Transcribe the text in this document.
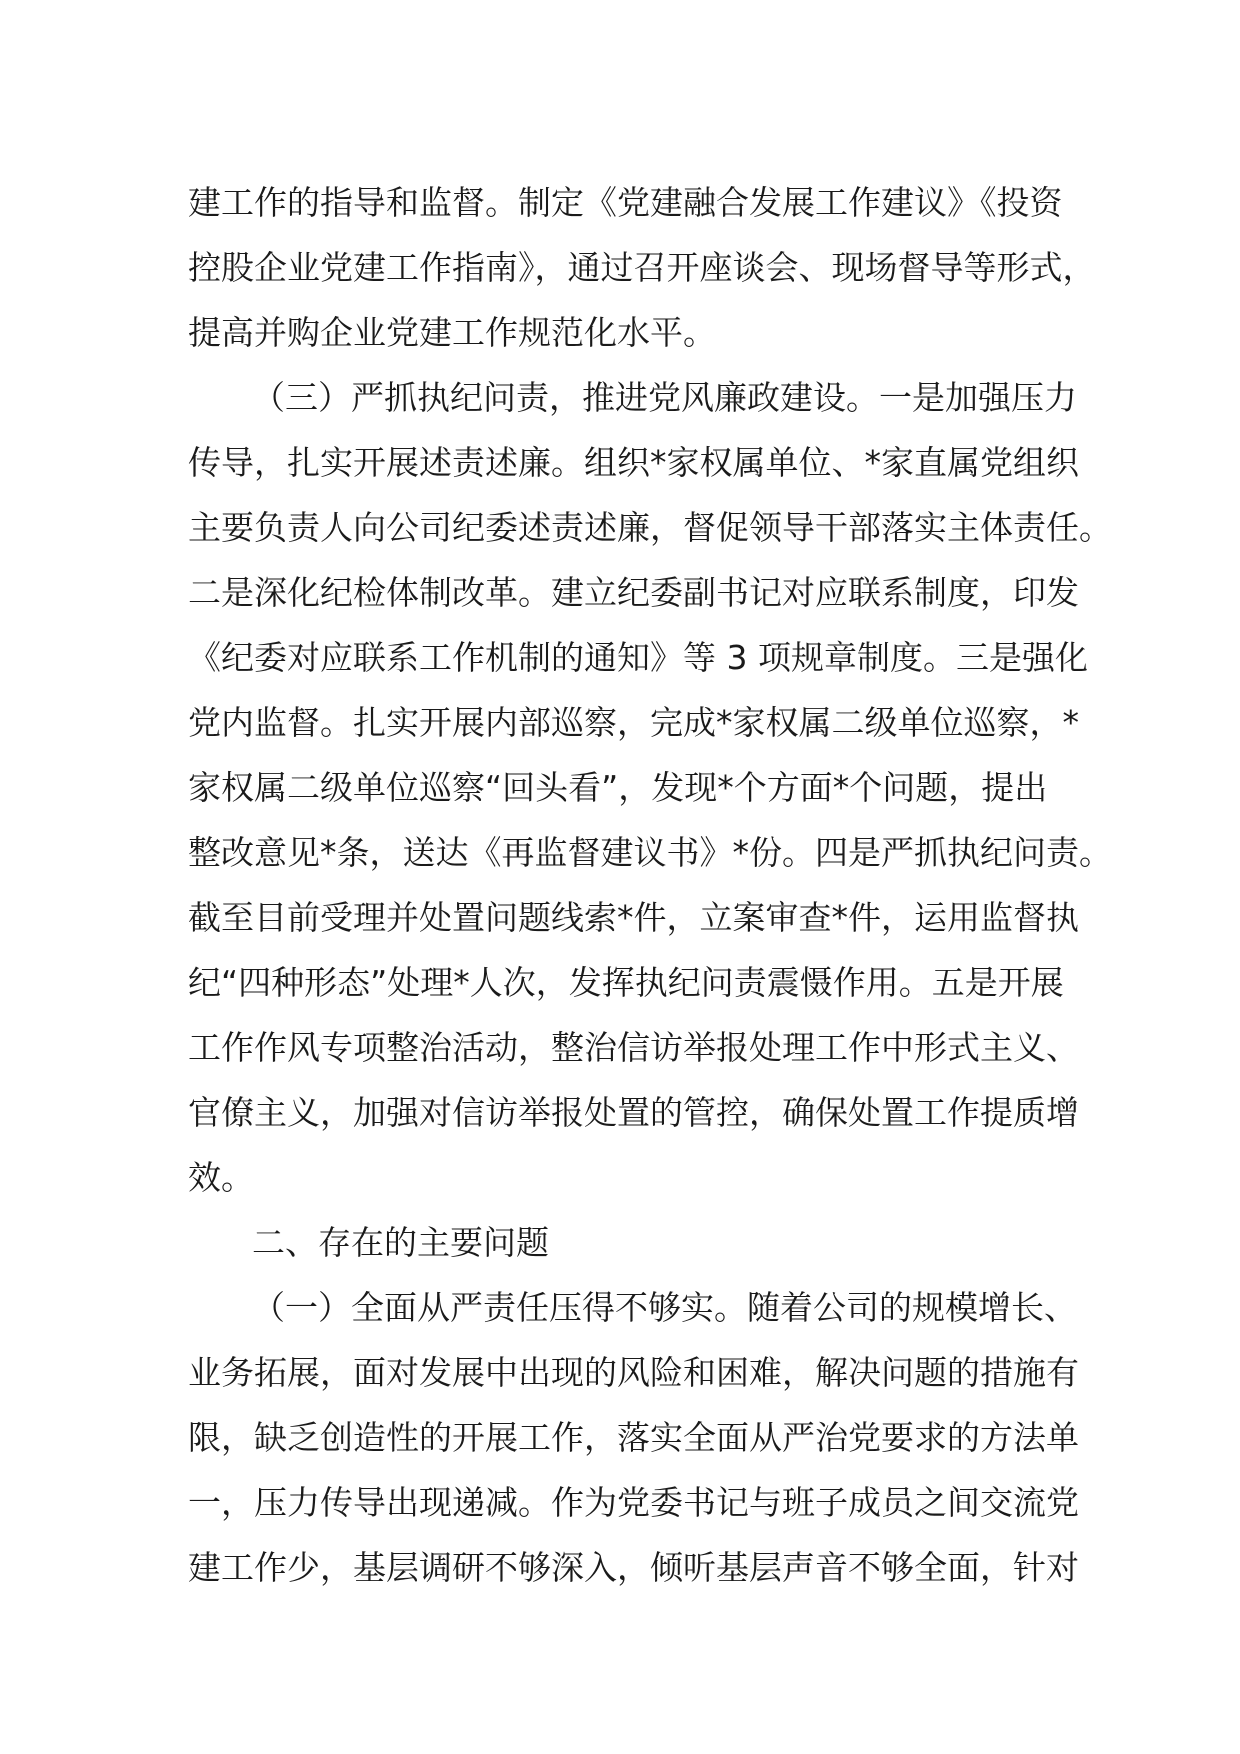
建工作的指导和监督。制定《党建融合发展工作建议》《投资
控股企业党建工作指南》，通过召开座谈会、现场督导等形式，
提高并购企业党建工作规范化水平。
（三）严抓执纪问责，推进党风廉政建设。一是加强压力
传导，扎实开展述责述廉。组织*家权属单位、*家直属党组织
主要负责人向公司纪委述责述廉，督促领导干部落实主体责任。
二是深化纪检体制改革。建立纪委副书记对应联系制度，印发
《纪委对应联系工作机制的通知》等 3 项规章制度。三是强化
党内监督。扎实开展内部巡察，完成*家权属二级单位巡察，*
家权属二级单位巡察“回头看”，发现*个方面*个问题，提出
整改意见*条，送达《再监督建议书》*份。四是严抓执纪问责。
截至目前受理并处置问题线索*件，立案审查*件，运用监督执
纪“四种形态”处理*人次，发挥执纪问责震慑作用。五是开展
工作作风专项整治活动，整治信访举报处理工作中形式主义、
官僚主义，加强对信访举报处置的管控，确保处置工作提质增
效。
二、存在的主要问题
（一）全面从严责任压得不够实。随着公司的规模增长、
业务拓展，面对发展中出现的风险和困难，解决问题的措施有
限，缺乏创造性的开展工作，落实全面从严治党要求的方法单
一，压力传导出现递减。作为党委书记与班子成员之间交流党
建工作少，基层调研不够深入，倾听基层声音不够全面，针对
